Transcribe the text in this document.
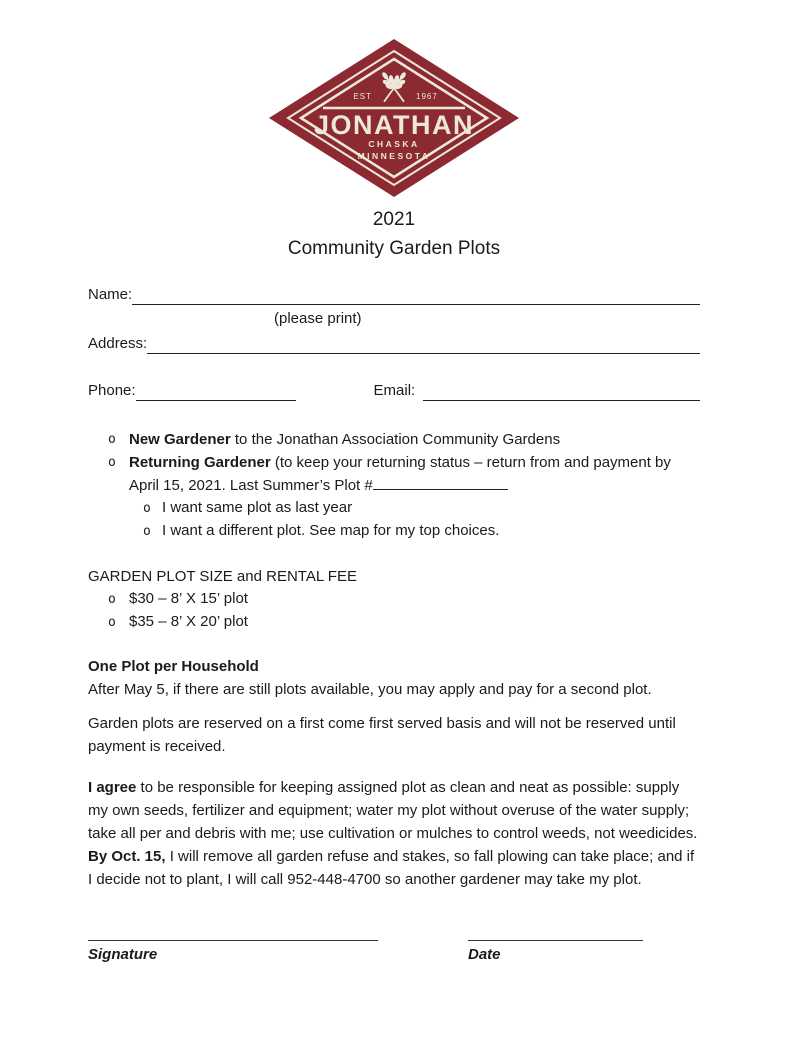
EST	1967
JONATHAN
CHASKA
MINNESOTA
2021
Community Garden Plots
Name:
(please print)
Address:
Phone:	Email:
o New Gardener to the Jonathan Association Community Gardens
o Returning Gardener (to keep your returning status – return from and payment by April 15, 2021. Last Summer’s Plot #
o I want same plot as last year
o I want a different plot. See map for my top choices.
GARDEN PLOT SIZE and RENTAL FEE
o $30 – 8’ X 15’ plot
o $35 – 8’ X 20’ plot
One Plot per Household
After May 5, if there are still plots available, you may apply and pay for a second plot.
Garden plots are reserved on a first come first served basis and will not be reserved until payment is received.
I agree to be responsible for keeping assigned plot as clean and neat as possible: supply my own seeds, fertilizer and equipment; water my plot without overuse of the water supply; take all per and debris with me; use cultivation or mulches to control weeds, not weedicides. By Oct. 15, I will remove all garden refuse and stakes, so fall plowing can take place; and if I decide not to plant, I will call 952-448-4700 so another gardener may take my plot.
Signature	Date
